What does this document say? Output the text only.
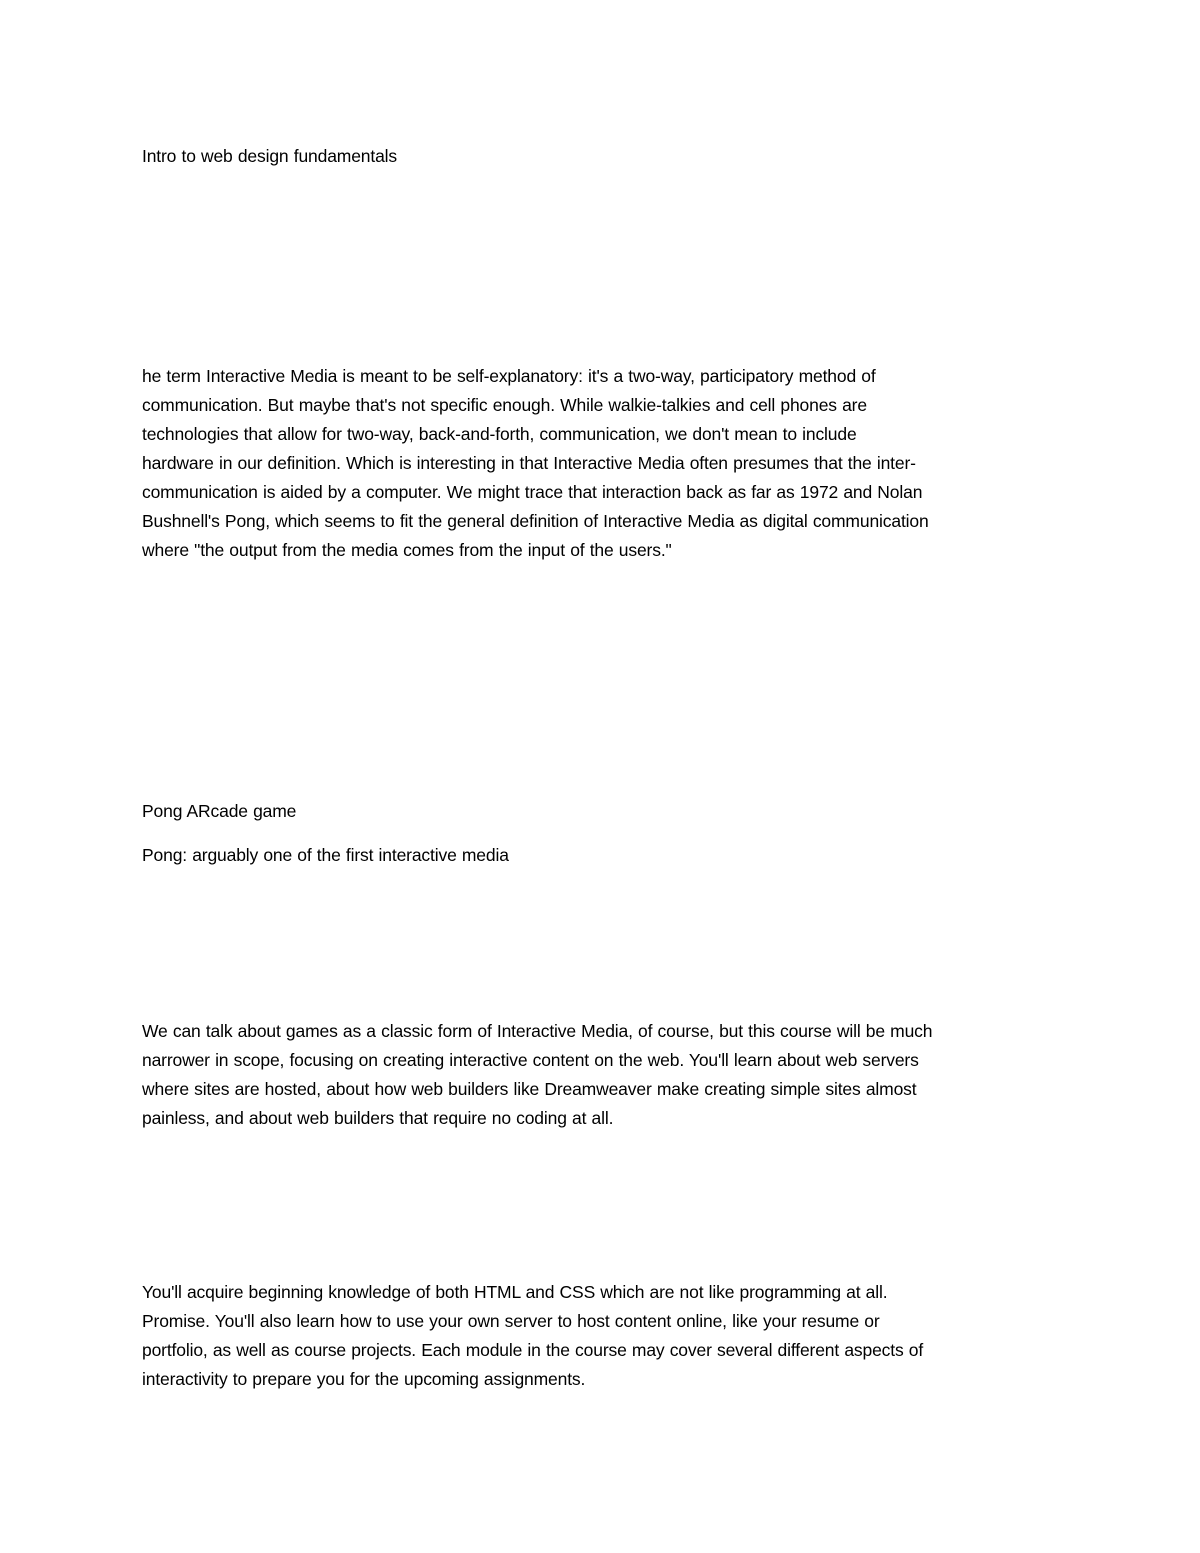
Intro to web design fundamentals

he term Interactive Media is meant to be self-explanatory: it's a two-way, participatory method of
communication. But maybe that's not specific enough. While walkie-talkies and cell phones are
technologies that allow for two-way, back-and-forth, communication, we don't mean to include
hardware in our definition. Which is interesting in that Interactive Media often presumes that the inter-
communication is aided by a computer. We might trace that interaction back as far as 1972 and Nolan
Bushnell's Pong, which seems to fit the general definition of Interactive Media as digital communication
where "the output from the media comes from the input of the users."

Pong ARcade game

Pong: arguably one of the first interactive media

We can talk about games as a classic form of Interactive Media, of course, but this course will be much
narrower in scope, focusing on creating interactive content on the web. You'll learn about web servers
where sites are hosted, about how web builders like Dreamweaver make creating simple sites almost
painless, and about web builders that require no coding at all.

You'll acquire beginning knowledge of both HTML and CSS which are not like programming at all.
Promise. You'll also learn how to use your own server to host content online, like your resume or
portfolio, as well as course projects. Each module in the course may cover several different aspects of
interactivity to prepare you for the upcoming assignments.
